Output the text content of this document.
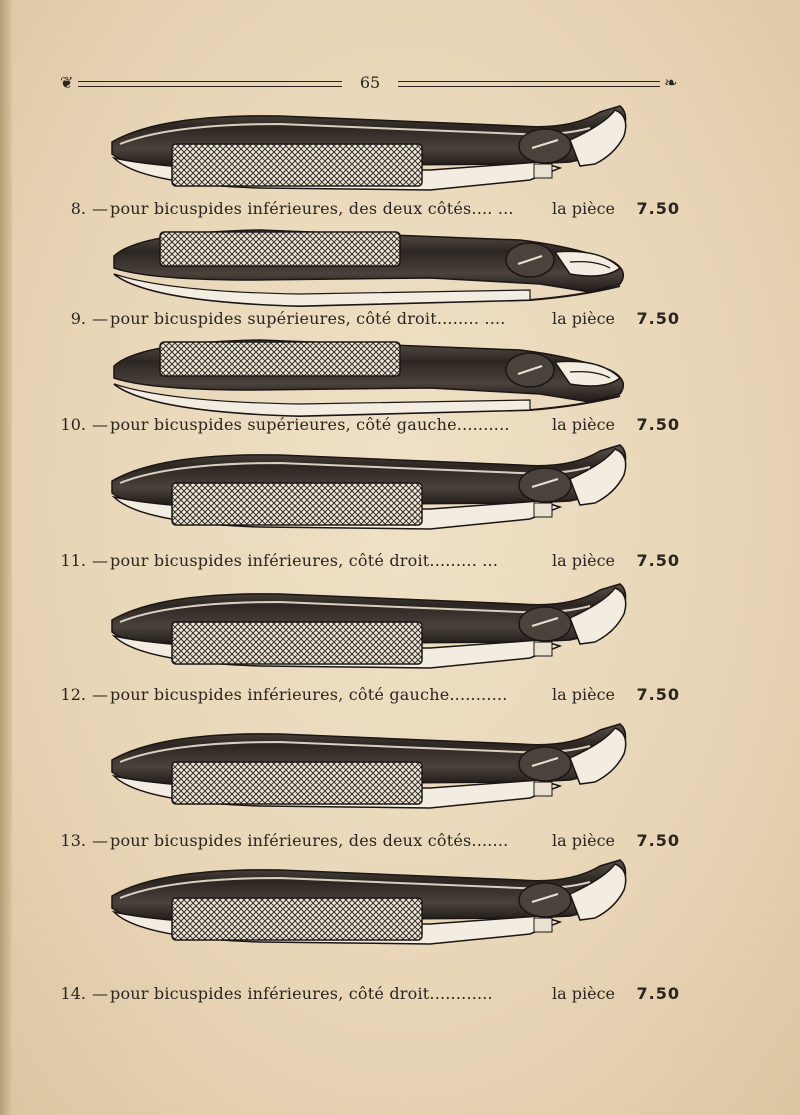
❦	65	❧
8. — pour bicuspides inférieures, des deux côtés.... ... la pièce 7.50
9. — pour bicuspides supérieures, côté droit........ ....	la pièce 7.50
10. — pour bicuspides supérieures, côté gauche..........	la pièce 7.50
11. — pour bicuspides inférieures, côté droit......... ...	la pièce 7.50
12. — pour bicuspides inférieures, côté gauche...........	la pièce 7.50
13. — pour bicuspides inférieures, des deux côtés.......	la pièce 7.50
14. — pour bicuspides inférieures, côté droit............	la pièce 7.50
